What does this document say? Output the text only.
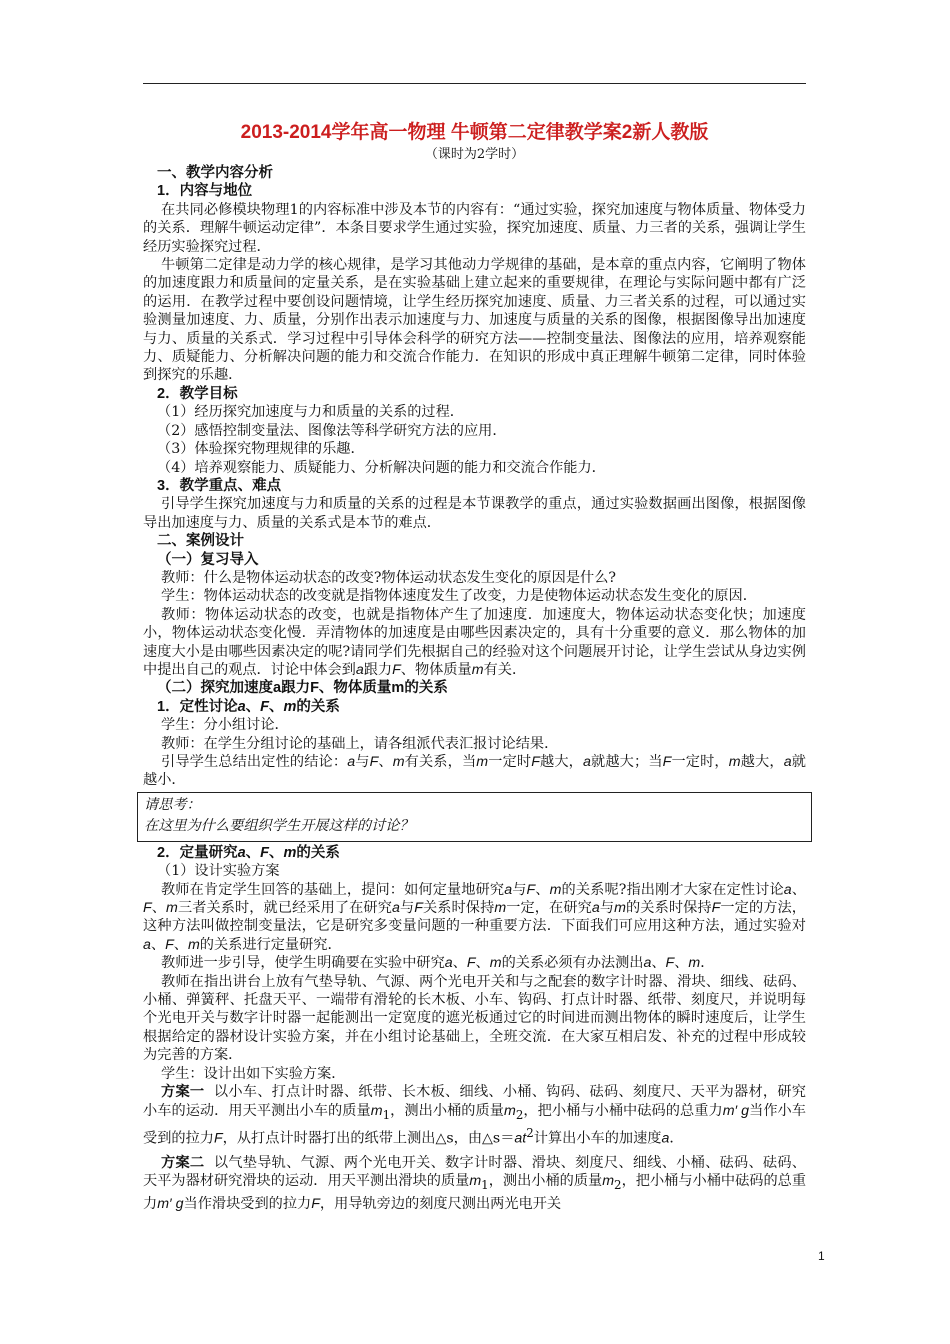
2013-2014学年高一物理 牛顿第二定律教学案2新人教版
（课时为2学时）
一、教学内容分析
1．内容与地位

在共同必修模块物理1的内容标准中涉及本节的内容有：“通过实验，探究加速度与物体质量、物体受力的关系．理解牛顿运动定律”．本条目要求学生通过实验，探究加速度、质量、力三者的关系，强调让学生经历实验探究过程．

牛顿第二定律是动力学的核心规律，是学习其他动力学规律的基础，是本章的重点内容，它阐明了物体的加速度跟力和质量间的定量关系，是在实验基础上建立起来的重要规律，在理论与实际问题中都有广泛的运用．在教学过程中要创设问题情境，让学生经历探究加速度、质量、力三者关系的过程，可以通过实验测量加速度、力、质量，分别作出表示加速度与力、加速度与质量的关系的图像，根据图像导出加速度与力、质量的关系式．学习过程中引导体会科学的研究方法——控制变量法、图像法的应用，培养观察能力、质疑能力、分析解决问题的能力和交流合作能力．在知识的形成中真正理解牛顿第二定律，同时体验到探究的乐趣．

2．教学目标

（1）经历探究加速度与力和质量的关系的过程．

（2）感悟控制变量法、图像法等科学研究方法的应用．

（3）体验探究物理规律的乐趣．

（4）培养观察能力、质疑能力、分析解决问题的能力和交流合作能力．

3．教学重点、难点

引导学生探究加速度与力和质量的关系的过程是本节课教学的重点，通过实验数据画出图像，根据图像导出加速度与力、质量的关系式是本节的难点．

二、案例设计
（一）复习导入

教师：什么是物体运动状态的改变?物体运动状态发生变化的原因是什么?

学生：物体运动状态的改变就是指物体速度发生了改变，力是使物体运动状态发生变化的原因．

教师：物体运动状态的改变，也就是指物体产生了加速度．加速度大，物体运动状态变化快；加速度小，物体运动状态变化慢．弄清物体的加速度是由哪些因素决定的，具有十分重要的意义．那么物体的加速度大小是由哪些因素决定的呢?请同学们先根据自己的经验对这个问题展开讨论，让学生尝试从身边实例中提出自己的观点．讨论中体会到a跟力F、物体质量m有关．

（二）探究加速度a跟力F、物体质量m的关系
1．定性讨论a、F、m的关系

学生：分小组讨论．

教师：在学生分组讨论的基础上，请各组派代表汇报讨论结果．

引导学生总结出定性的结论：a与F、m有关系，当m一定时F越大，a就越大；当F一定时，m越大，a就越小．

请思考：
在这里为什么要组织学生开展这样的讨论？
2．定量研究a、F、m的关系

（1）设计实验方案

教师在肯定学生回答的基础上，提问：如何定量地研究a与F、m的关系呢?指出刚才大家在定性讨论a、F、m三者关系时，就已经采用了在研究a与F关系时保持m一定，在研究a与m的关系时保持F一定的方法，这种方法叫做控制变量法，它是研究多变量问题的一种重要方法．下面我们可应用这种方法，通过实验对a、F、m的关系进行定量研究．

教师进一步引导，使学生明确要在实验中研究a、F、m的关系必须有办法测出a、F、m．

教师在指出讲台上放有气垫导轨、气源、两个光电开关和与之配套的数字计时器、滑块、细线、砝码、小桶、弹簧秤、托盘天平、一端带有滑轮的长木板、小车、钩码、打点计时器、纸带、刻度尺，并说明每个光电开关与数字计时器一起能测出一定宽度的遮光板通过它的时间进而测出物体的瞬时速度后，让学生根据给定的器材设计实验方案，并在小组讨论基础上，全班交流．在大家互相启发、补充的过程中形成较为完善的方案．

学生：设计出如下实验方案．

方案一 以小车、打点计时器、纸带、长木板、细线、小桶、钩码、砝码、刻度尺、天平为器材，研究小车的运动．用天平测出小车的质量$m_1$，测出小桶的质量$m_2$，把小桶与小桶中砝码的总重力m′ g当作小车受到的拉力F，从打点计时器打出的纸带上测出△s，由$\triangle s=at^2$计算出小车的加速度a．

方案二 以气垫导轨、气源、两个光电开关、数字计时器、滑块、刻度尺、细线、小桶、砝码、砝码、天平为器材研究滑块的运动．用天平测出滑块的质量$m_1$，测出小桶的质量$m_2$，把小桶与小桶中砝码的总重力m′ g当作滑块受到的拉力F，用导轨旁边的刻度尺测出两光电开关

1
